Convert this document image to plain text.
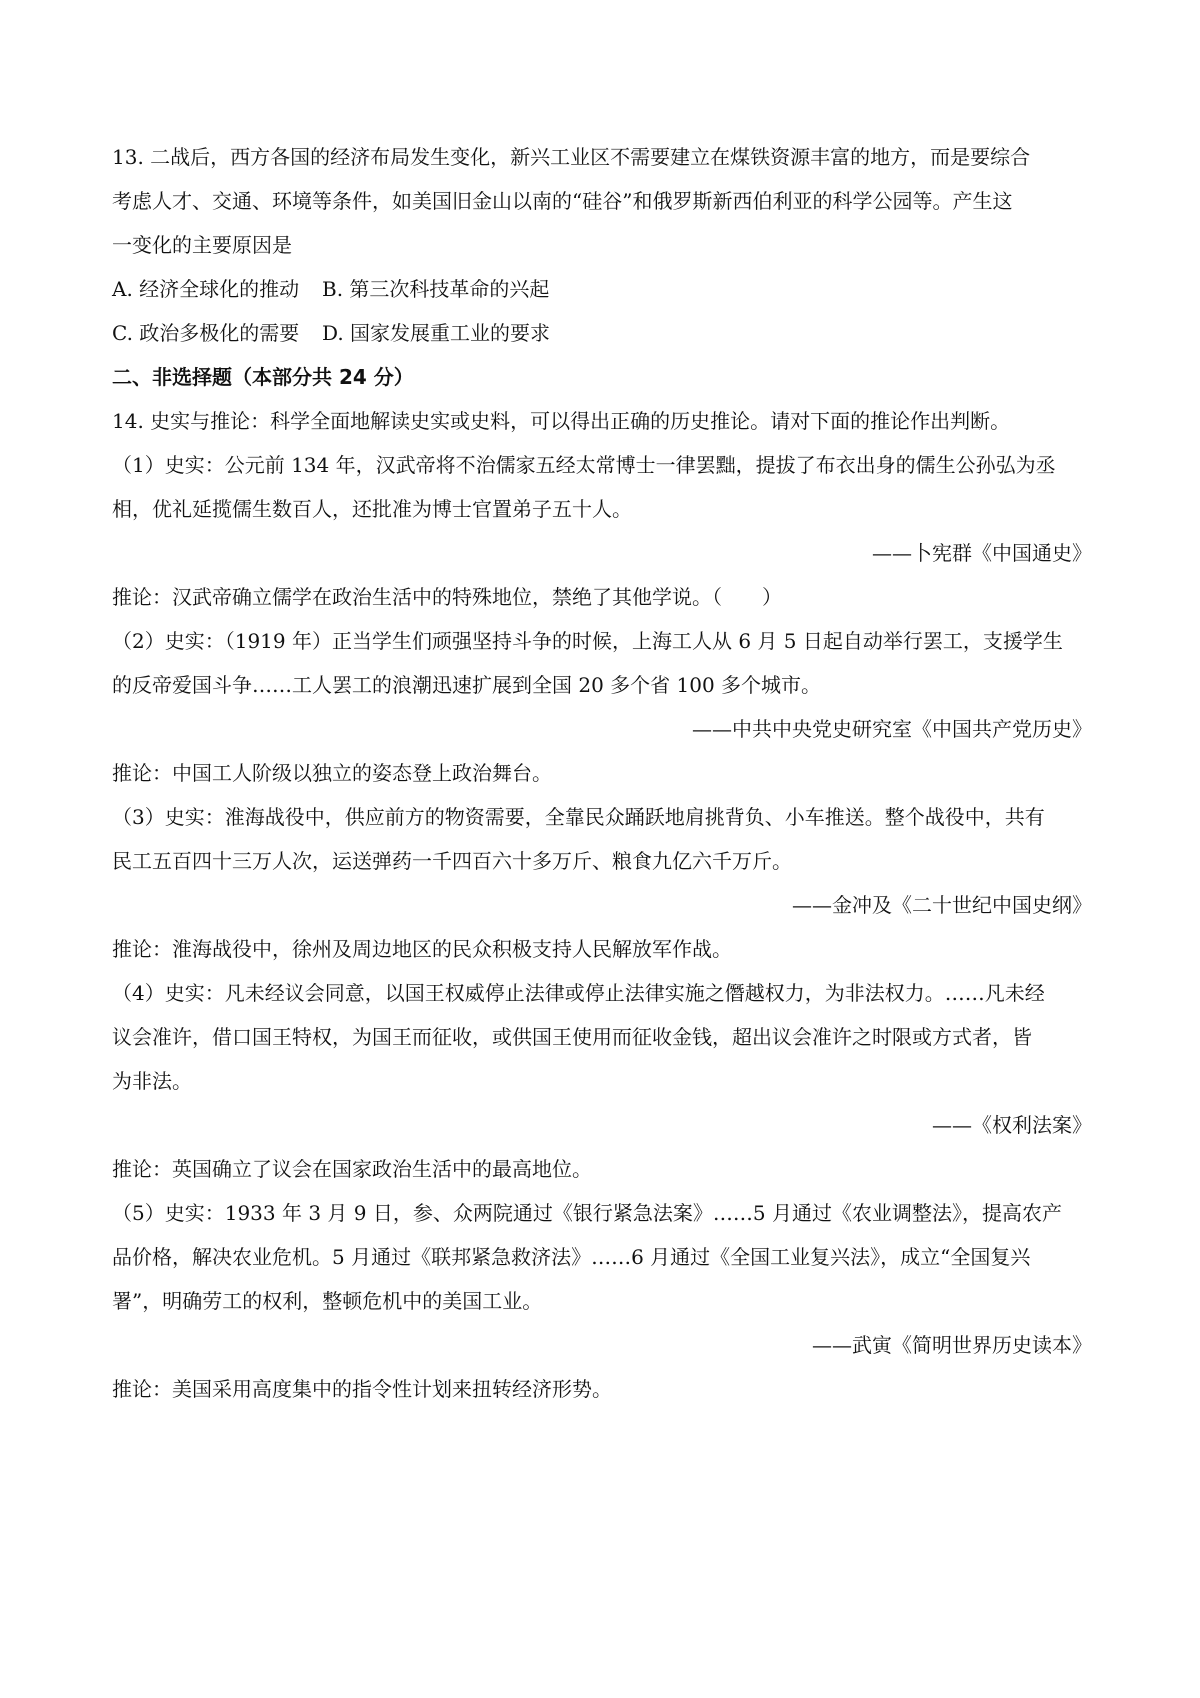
13. 二战后，西方各国的经济布局发生变化，新兴工业区不需要建立在煤铁资源丰富的地方，而是要综合
考虑人才、交通、环境等条件，如美国旧金山以南的“硅谷”和俄罗斯新西伯利亚的科学公园等。产生这
一变化的主要原因是
A. 经济全球化的推动 B. 第三次科技革命的兴起
C. 政治多极化的需要 D. 国家发展重工业的要求
二、非选择题（本部分共 24 分）
14. 史实与推论：科学全面地解读史实或史料，可以得出正确的历史推论。请对下面的推论作出判断。
（1）史实：公元前 134 年，汉武帝将不治儒家五经太常博士一律罢黜，提拔了布衣出身的儒生公孙弘为丞
相，优礼延揽儒生数百人，还批准为博士官置弟子五十人。
——卜宪群《中国通史》
推论：汉武帝确立儒学在政治生活中的特殊地位，禁绝了其他学说。（　　）
（2）史实：（1919 年）正当学生们顽强坚持斗争的时候，上海工人从 6 月 5 日起自动举行罢工，支援学生
的反帝爱国斗争……工人罢工的浪潮迅速扩展到全国 20 多个省 100 多个城市。
——中共中央党史研究室《中国共产党历史》
推论：中国工人阶级以独立的姿态登上政治舞台。
（3）史实：淮海战役中，供应前方的物资需要，全靠民众踊跃地肩挑背负、小车推送。整个战役中，共有
民工五百四十三万人次，运送弹药一千四百六十多万斤、粮食九亿六千万斤。
——金冲及《二十世纪中国史纲》
推论：淮海战役中，徐州及周边地区的民众积极支持人民解放军作战。
（4）史实：凡未经议会同意，以国王权威停止法律或停止法律实施之僭越权力，为非法权力。……凡未经
议会准许，借口国王特权，为国王而征收，或供国王使用而征收金钱，超出议会准许之时限或方式者，皆
为非法。
——《权利法案》
推论：英国确立了议会在国家政治生活中的最高地位。
（5）史实：1933 年 3 月 9 日，参、众两院通过《银行紧急法案》……5 月通过《农业调整法》，提高农产
品价格，解决农业危机。5 月通过《联邦紧急救济法》……6 月通过《全国工业复兴法》，成立“全国复兴
署”，明确劳工的权利，整顿危机中的美国工业。
——武寅《简明世界历史读本》
推论：美国采用高度集中的指令性计划来扭转经济形势。
